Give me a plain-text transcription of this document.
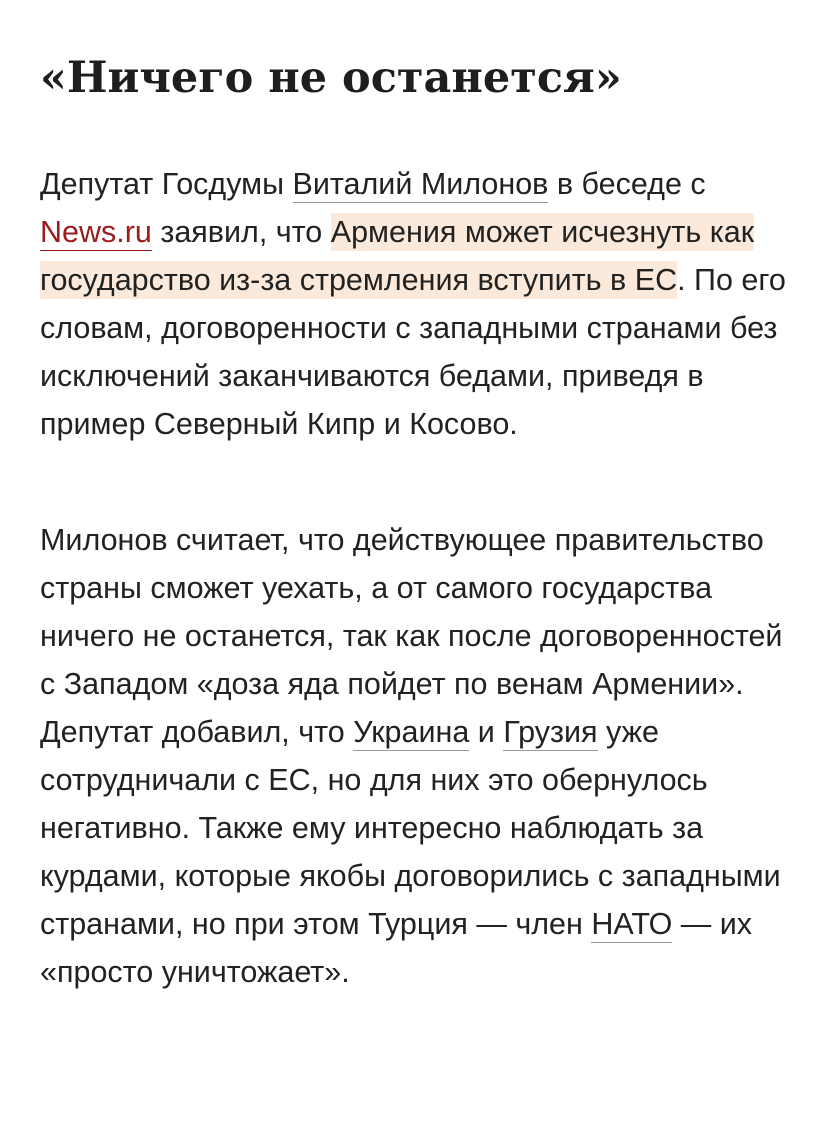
«Ничего не останется»

Депутат Госдумы Виталий Милонов в беседе с News.ru заявил, что Армения может исчезнуть как государство из-за стремления вступить в ЕС. По его словам, договоренности с западными странами без исключений заканчиваются бедами, приведя в пример Северный Кипр и Косово.

Милонов считает, что действующее правительство страны сможет уехать, а от самого государства ничего не останется, так как после договоренностей с Западом «доза яда пойдет по венам Армении». Депутат добавил, что Украина и Грузия уже сотрудничали с ЕС, но для них это обернулось негативно. Также ему интересно наблюдать за курдами, которые якобы договорились с западными странами, но при этом Турция — член НАТО — их «просто уничтожает».
